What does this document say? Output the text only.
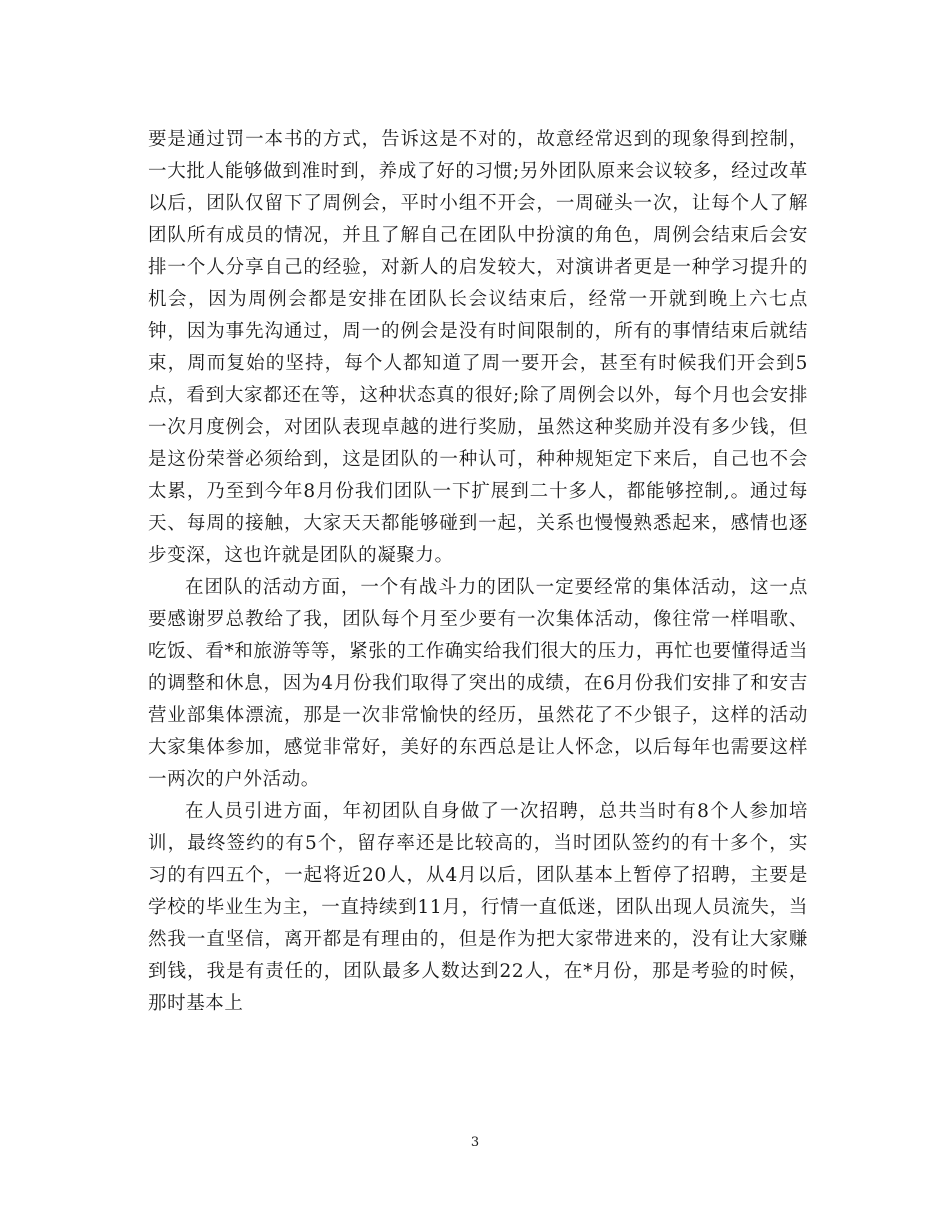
要是通过罚一本书的方式，告诉这是不对的，故意经常迟到的现象得到控制，一大批人能够做到准时到，养成了好的习惯;另外团队原来会议较多，经过改革以后，团队仅留下了周例会，平时小组不开会，一周碰头一次，让每个人了解团队所有成员的情况，并且了解自己在团队中扮演的角色，周例会结束后会安排一个人分享自己的经验，对新人的启发较大，对演讲者更是一种学习提升的机会，因为周例会都是安排在团队长会议结束后，经常一开就到晚上六七点钟，因为事先沟通过，周一的例会是没有时间限制的，所有的事情结束后就结束，周而复始的坚持，每个人都知道了周一要开会，甚至有时候我们开会到5点，看到大家都还在等，这种状态真的很好;除了周例会以外，每个月也会安排一次月度例会，对团队表现卓越的进行奖励，虽然这种奖励并没有多少钱，但是这份荣誉必须给到，这是团队的一种认可，种种规矩定下来后，自己也不会太累，乃至到今年8月份我们团队一下扩展到二十多人，都能够控制,。通过每天、每周的接触，大家天天都能够碰到一起，关系也慢慢熟悉起来，感情也逐步变深，这也许就是团队的凝聚力。

在团队的活动方面，一个有战斗力的团队一定要经常的集体活动，这一点要感谢罗总教给了我，团队每个月至少要有一次集体活动，像往常一样唱歌、吃饭、看*和旅游等等，紧张的工作确实给我们很大的压力，再忙也要懂得适当的调整和休息，因为4月份我们取得了突出的成绩，在6月份我们安排了和安吉营业部集体漂流，那是一次非常愉快的经历，虽然花了不少银子，这样的活动大家集体参加，感觉非常好，美好的东西总是让人怀念，以后每年也需要这样一两次的户外活动。

在人员引进方面，年初团队自身做了一次招聘，总共当时有8个人参加培训，最终签约的有5个，留存率还是比较高的，当时团队签约的有十多个，实习的有四五个，一起将近20人，从4月以后，团队基本上暂停了招聘，主要是学校的毕业生为主，一直持续到11月，行情一直低迷，团队出现人员流失，当然我一直坚信，离开都是有理由的，但是作为把大家带进来的，没有让大家赚到钱，我是有责任的，团队最多人数达到22人，在*月份，那是考验的时候，那时基本上

3
